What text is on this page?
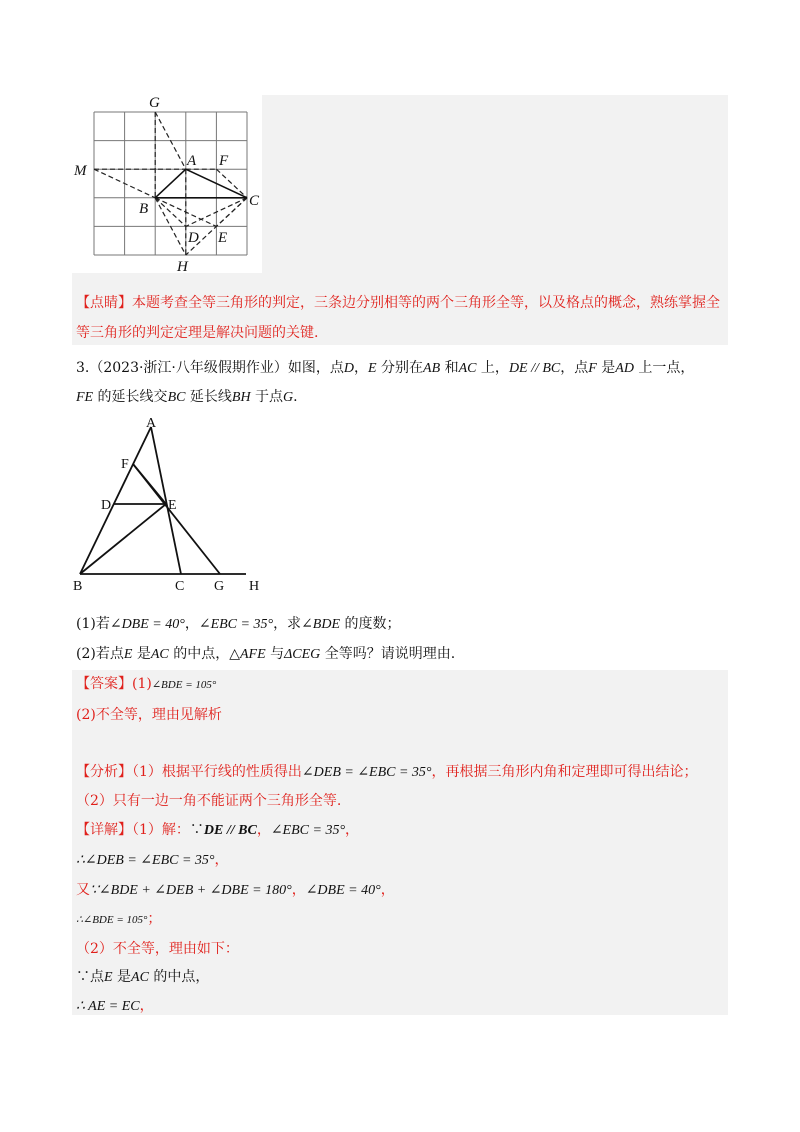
G
M
A F
B	C
D E
H
【点睛】本题考查全等三角形的判定，三条边分别相等的两个三角形全等，以及格点的概念，熟练掌握全
等三角形的判定定理是解决问题的关键.
3.（2023·浙江·八年级假期作业）如图，点D，E 分别在AB 和AC 上，DE // BC，点F 是AD 上一点，
FE 的延长线交BC 延长线BH 于点G.
A
F
D	E
B	C G H
(1)若∠DBE = 40°，∠EBC = 35°，求∠BDE 的度数；
(2)若点E 是AC 的中点，△AFE 与ΔCEG 全等吗？请说明理由.
【答案】(1)∠BDE = 105°
(2)不全等，理由见解析
【分析】（1）根据平行线的性质得出∠DEB = ∠EBC = 35°，再根据三角形内角和定理即可得出结论；
（2）只有一边一角不能证两个三角形全等.
【详解】（1）解：∵DE // BC，∠EBC = 35°，
∴∠DEB = ∠EBC = 35°，
又∵∠BDE + ∠DEB + ∠DBE = 180°，∠DBE = 40°，
∴∠BDE = 105°；
（2）不全等，理由如下：
∵点E 是AC 的中点，
∴ AE = EC，
